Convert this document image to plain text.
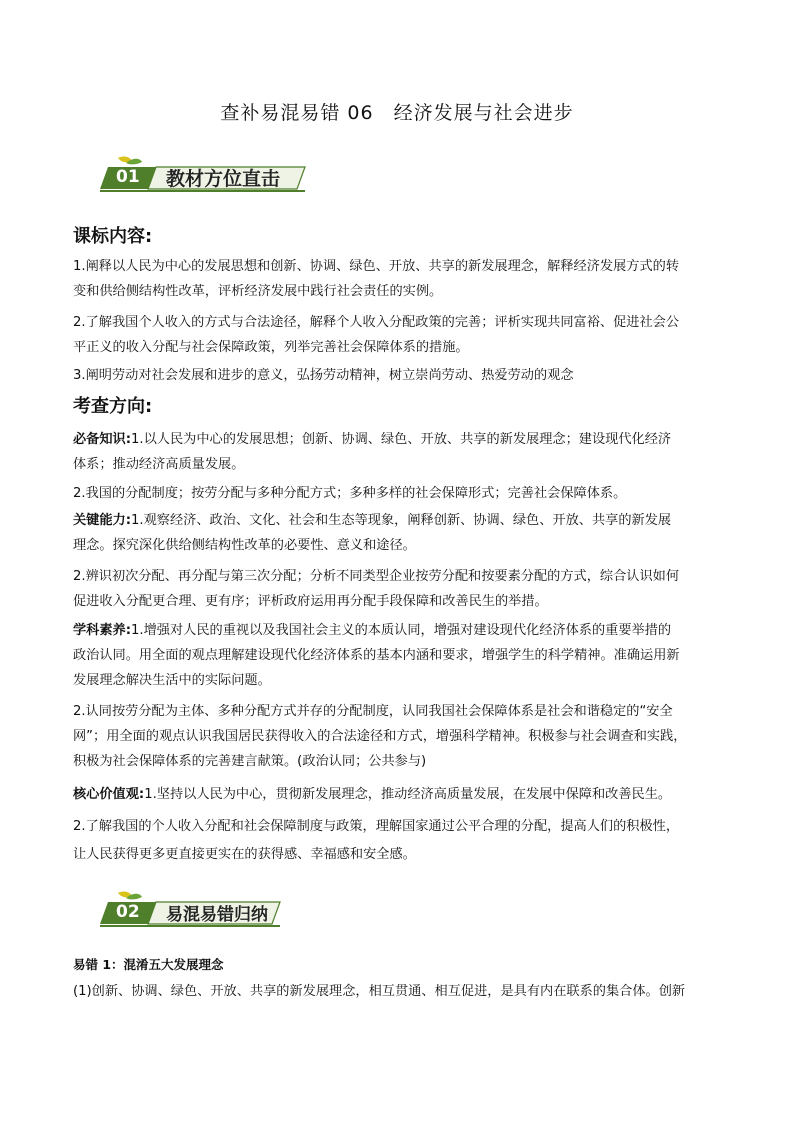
查补易混易错 06　经济发展与社会进步
01 教材方位直击
课标内容:
1.阐释以人民为中心的发展思想和创新、协调、绿色、开放、共享的新发展理念，解释经济发展方式的转
变和供给侧结构性改革，评析经济发展中践行社会责任的实例。
2.了解我国个人收入的方式与合法途径，解释个人收入分配政策的完善；评析实现共同富裕、促进社会公
平正义的收入分配与社会保障政策，列举完善社会保障体系的措施。
3.阐明劳动对社会发展和进步的意义，弘扬劳动精神，树立崇尚劳动、热爱劳动的观念
考查方向:
必备知识:1.以人民为中心的发展思想；创新、协调、绿色、开放、共享的新发展理念；建设现代化经济
体系；推动经济高质量发展。
2.我国的分配制度；按劳分配与多种分配方式；多种多样的社会保障形式；完善社会保障体系。
关键能力:1.观察经济、政治、文化、社会和生态等现象，阐释创新、协调、绿色、开放、共享的新发展
理念。探究深化供给侧结构性改革的必要性、意义和途径。
2.辨识初次分配、再分配与第三次分配；分析不同类型企业按劳分配和按要素分配的方式，综合认识如何
促进收入分配更合理、更有序；评析政府运用再分配手段保障和改善民生的举措。
学科素养:1.增强对人民的重视以及我国社会主义的本质认同，增强对建设现代化经济体系的重要举措的
政治认同。用全面的观点理解建设现代化经济体系的基本内涵和要求，增强学生的科学精神。准确运用新
发展理念解决生活中的实际问题。
2.认同按劳分配为主体、多种分配方式并存的分配制度，认同我国社会保障体系是社会和谐稳定的“安全
网”；用全面的观点认识我国居民获得收入的合法途径和方式，增强科学精神。积极参与社会调查和实践，
积极为社会保障体系的完善建言献策。(政治认同；公共参与)
核心价值观:1.坚持以人民为中心，贯彻新发展理念，推动经济高质量发展，在发展中保障和改善民生。
2.了解我国的个人收入分配和社会保障制度与政策，理解国家通过公平合理的分配，提高人们的积极性，
让人民获得更多更直接更实在的获得感、幸福感和安全感。
02 易混易错归纳
易错 1：混淆五大发展理念
(1)创新、协调、绿色、开放、共享的新发展理念，相互贯通、相互促进，是具有内在联系的集合体。创新
